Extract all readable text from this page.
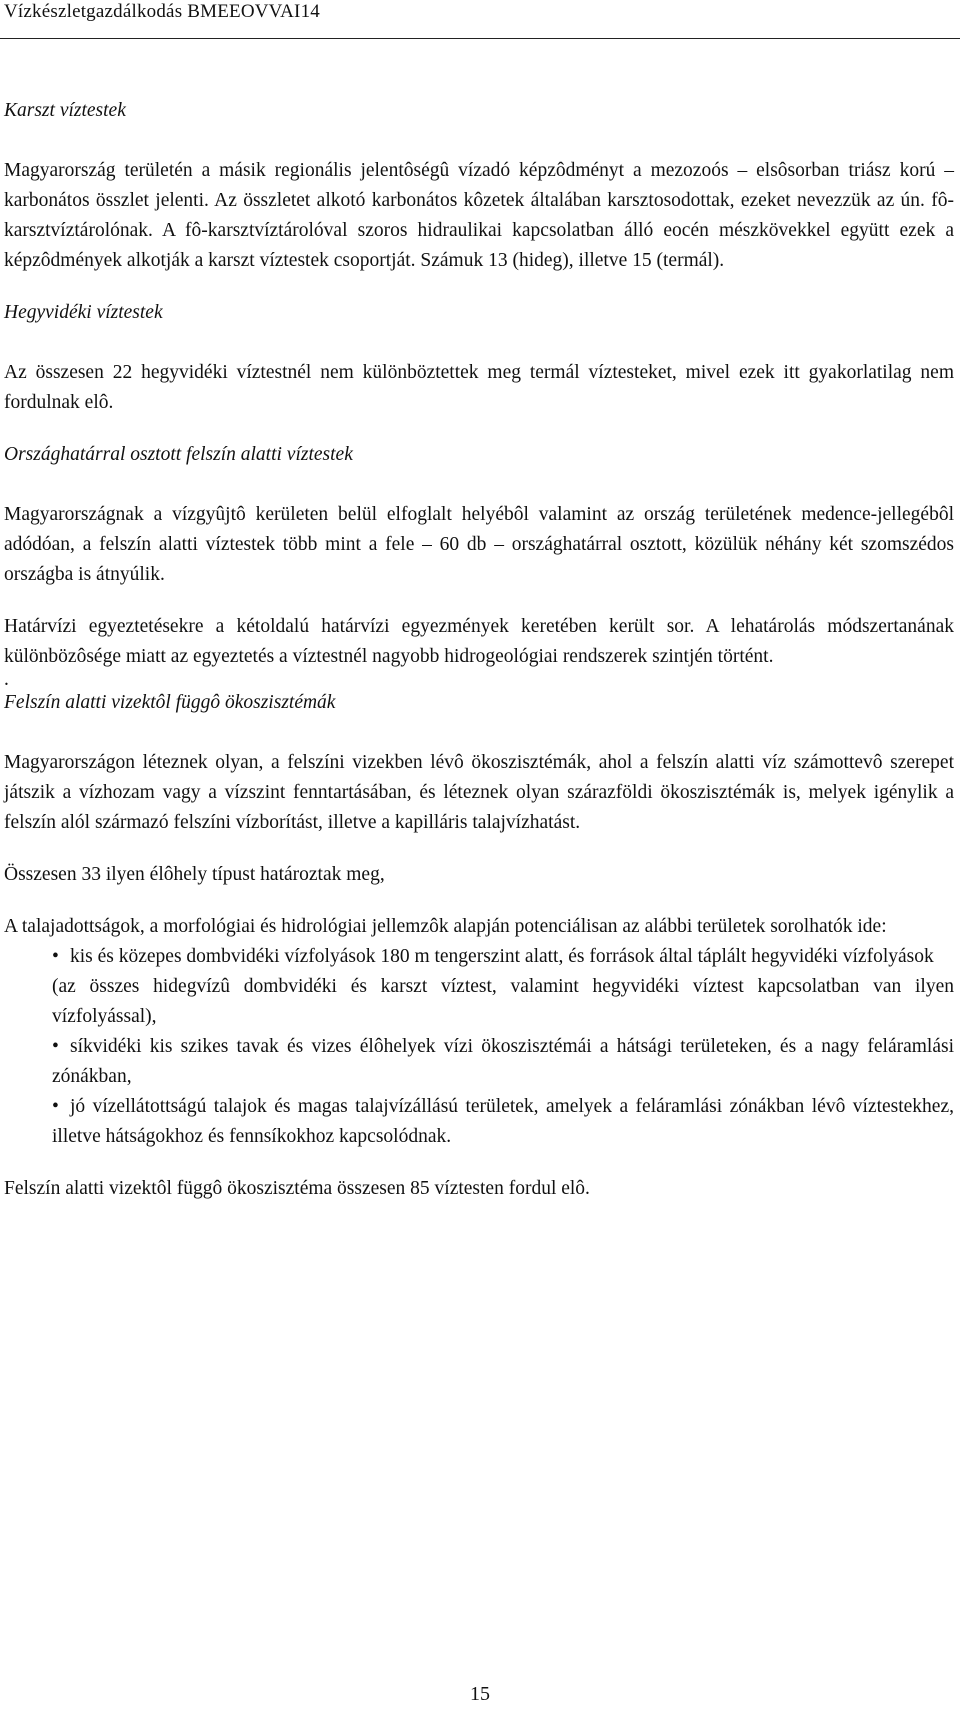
Vízkészletgazdálkodás BMEEOVVAI14

Karszt víztestek

Magyarország területén a másik regionális jelentôségû vízadó képzôdményt a mezozoós – elsôsorban triász korú – karbonátos összlet jelenti. Az összletet alkotó karbonátos kôzetek általában karsztosodottak, ezeket nevezzük az ún. fô-karsztvíztárolónak. A fô-karsztvíztárolóval szoros hidraulikai kapcsolatban álló eocén mészkövekkel együtt ezek a képzôdmények alkotják a karszt víztestek csoportját. Számuk 13 (hideg), illetve 15 (termál).

Hegyvidéki víztestek

Az összesen 22 hegyvidéki víztestnél nem különböztettek meg termál víztesteket, mivel ezek itt gyakorlatilag nem fordulnak elô.

Országhatárral osztott felszín alatti víztestek

Magyarországnak a vízgyûjtô kerületen belül elfoglalt helyébôl valamint az ország területének medence-jellegébôl adódóan, a felszín alatti víztestek több mint a fele – 60 db – országhatárral osztott, közülük néhány két szomszédos országba is átnyúlik.

Határvízi egyeztetésekre a kétoldalú határvízi egyezmények keretében került sor. A lehatárolás módszertanának különbözôsége miatt az egyeztetés a víztestnél nagyobb hidrogeológiai rendszerek szintjén történt.

.

Felszín alatti vizektôl függô ökoszisztémák

Magyarországon léteznek olyan, a felszíni vizekben lévô ökoszisztémák, ahol a felszín alatti víz számottevô szerepet játszik a vízhozam vagy a vízszint fenntartásában, és léteznek olyan szárazföldi ökoszisztémák is, melyek igénylik a felszín alól származó felszíni vízborítást, illetve a kapilláris talajvízhatást.

Összesen 33 ilyen élôhely típust határoztak meg,

A talajadottságok, a morfológiai és hidrológiai jellemzôk alapján potenciálisan az alábbi területek sorolhatók ide:

• kis és közepes dombvidéki vízfolyások 180 m tengerszint alatt, és források által táplált hegyvidéki vízfolyások

(az összes hidegvízû dombvidéki és karszt víztest, valamint hegyvidéki víztest kapcsolatban van ilyen vízfolyással),

• síkvidéki kis szikes tavak és vizes élôhelyek vízi ökoszisztémái a hátsági területeken, és a nagy feláramlási zónákban,
• jó vízellátottságú talajok és magas talajvízállású területek, amelyek a feláramlási zónákban lévô víztestekhez, illetve hátságokhoz és fennsíkokhoz kapcsolódnak.

Felszín alatti vizektôl függô ökoszisztéma összesen 85 víztesten fordul elô.

15
